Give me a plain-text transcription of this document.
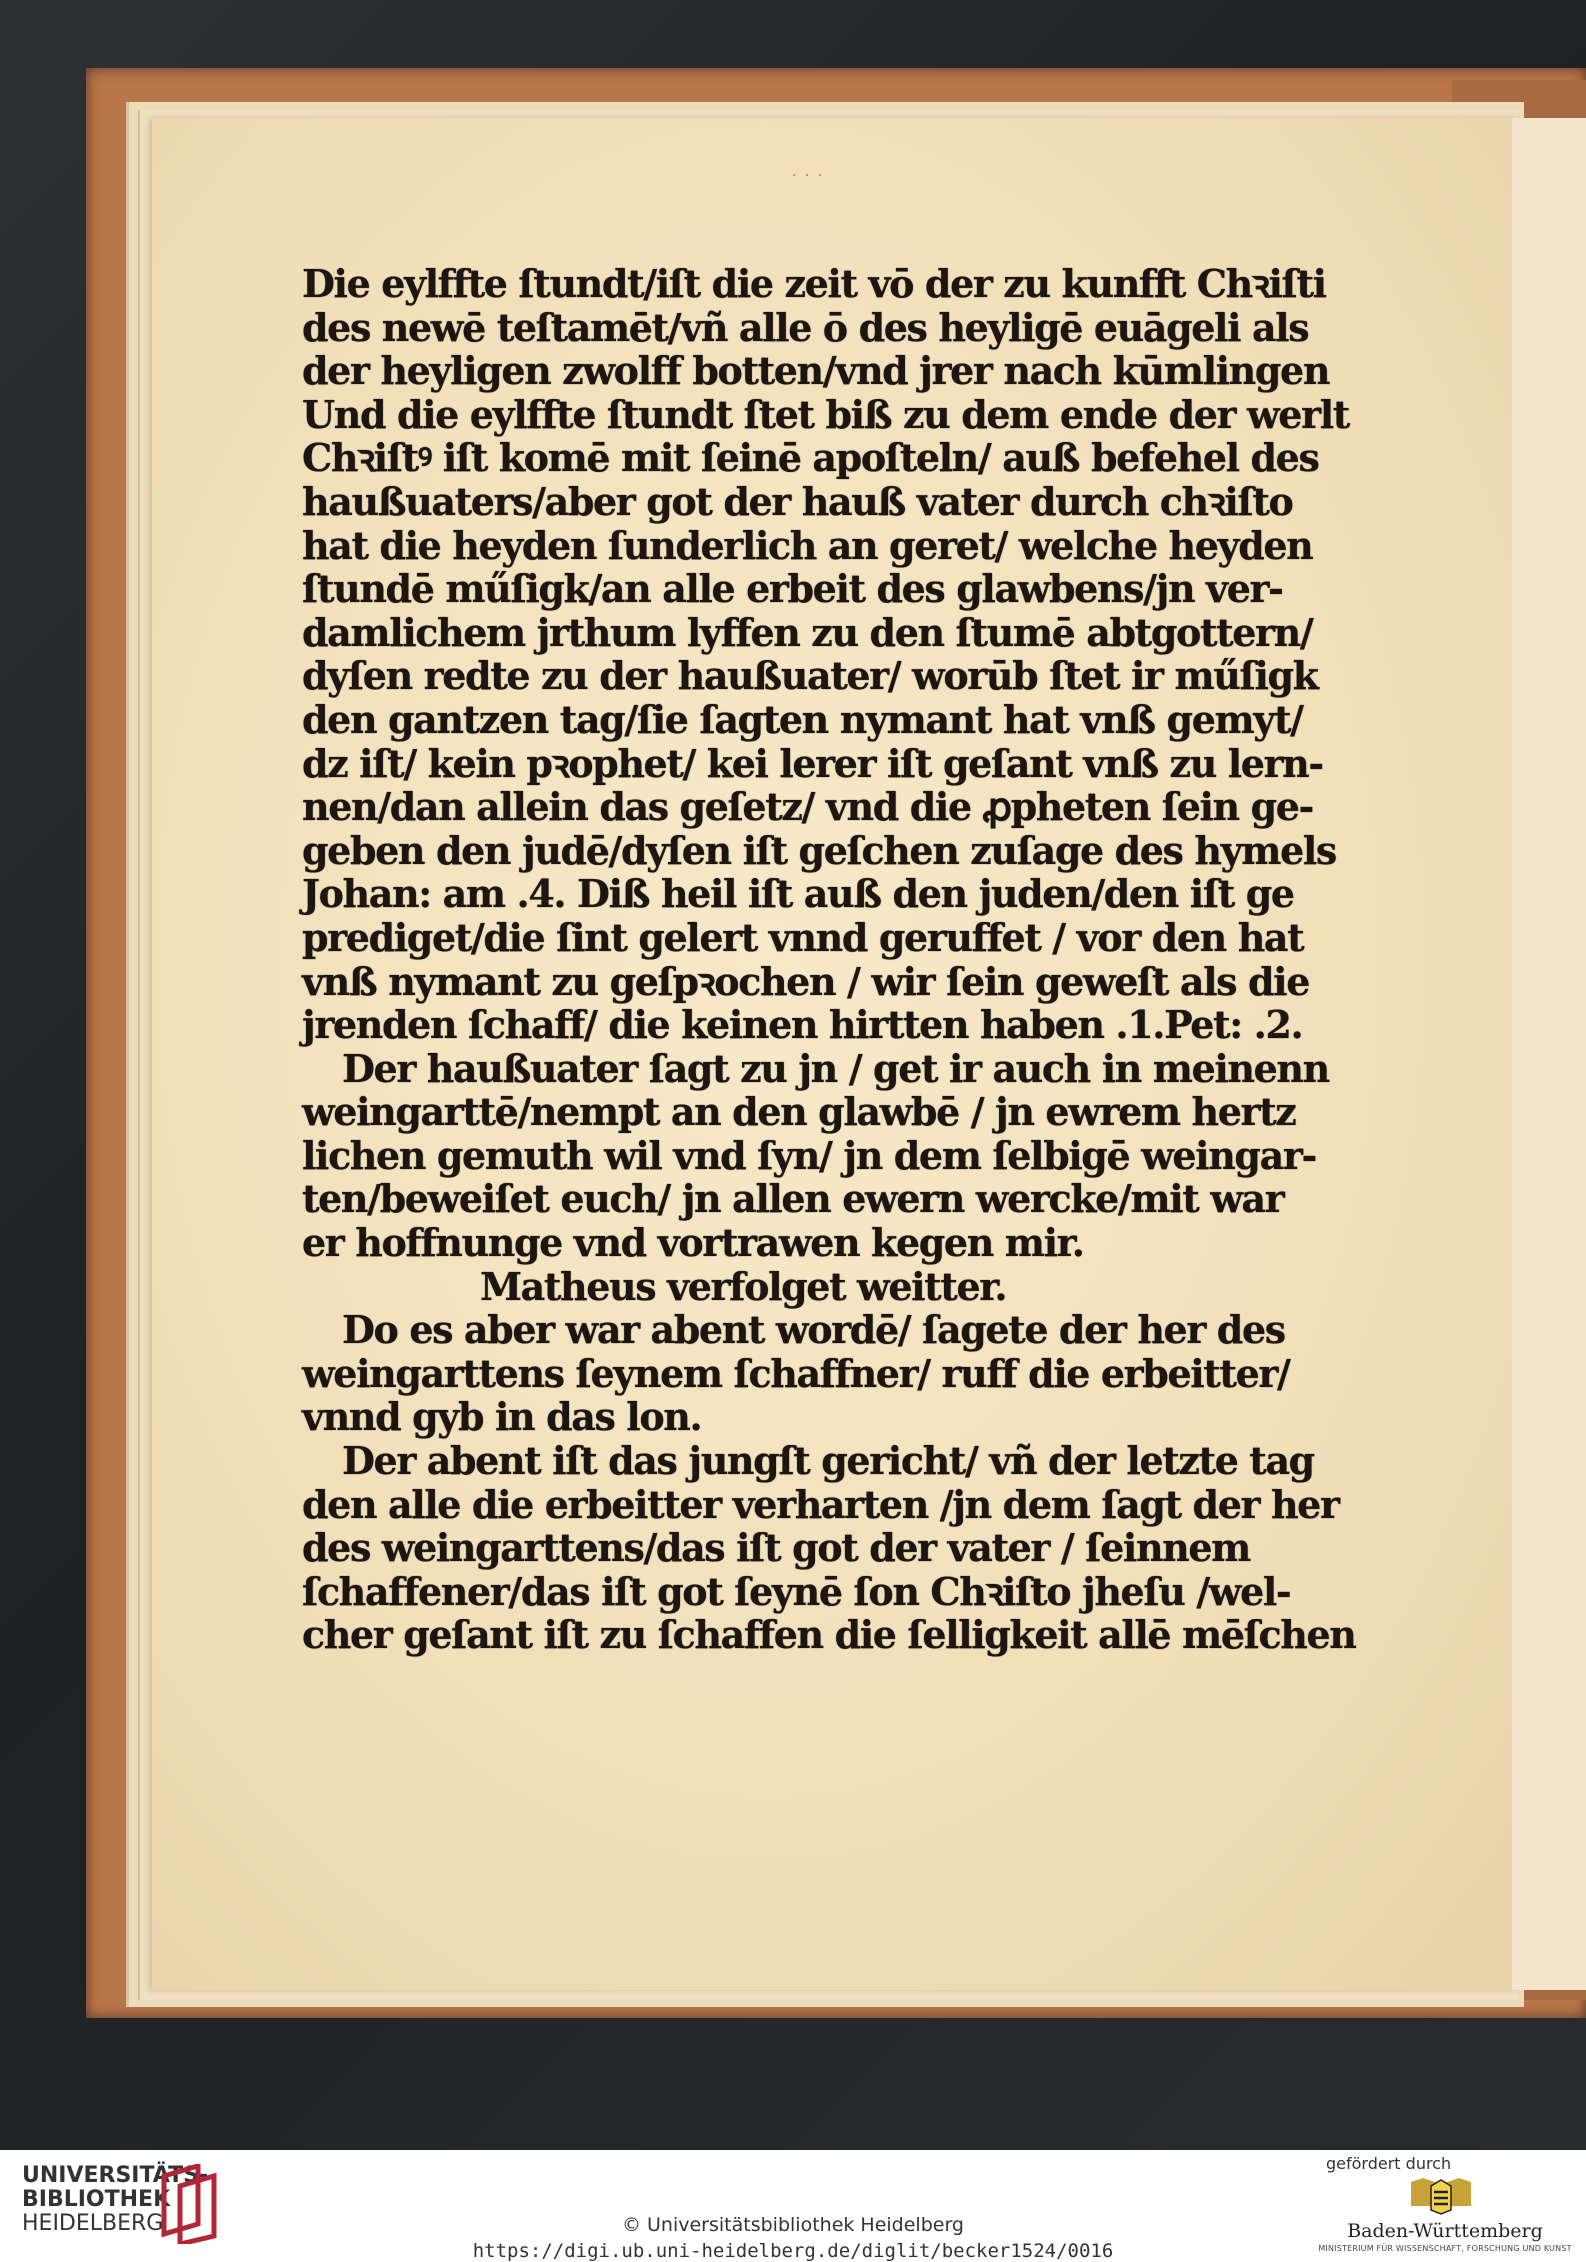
· · ·
Die eylffte ſtundt/iſt die zeit vō der zu kunfft Chꝛiſti
des newē teſtamēt/vñ alle ō des heyligē euāgeli als
der heyligen zwolff botten/vnd jrer nach kūmlingen
Und die eylffte ſtundt ſtet biß zu dem ende der werlt
Chꝛiſtꝰ iſt komē mit ſeinē apoſteln/ auß befehel des
haußuaters/aber got der hauß vater durch chꝛiſto
hat die heyden ſunderlich an geret/ welche heyden
ſtundē műſigk/an alle erbeit des glawbens/jn ver-
damlichem jrthum lyffen zu den ſtumē abtgottern/
dyſen redte zu der haußuater/ worūb ſtet ir műſigk
den gantzen tag/ſie ſagten nymant hat vnß gemyt/
dz iſt/ kein pꝛophet/ kei lerer iſt geſant vnß zu lern-
nen/dan allein das geſetz/ vnd die ꝓpheten ſein ge-
geben den judē/dyſen iſt geſchen zuſage des hymels
Johan: am .4. Diß heil iſt auß den juden/den iſt ge
prediget/die ſint gelert vnnd geruffet / vor den hat
vnß nymant zu geſpꝛochen / wir ſein geweſt als die
jrenden ſchaff/ die keinen hirtten haben .1.Pet: .2.
Der haußuater ſagt zu jn / get ir auch in meinenn
weingarttē/nempt an den glawbē / jn ewrem hertz
lichen gemuth wil vnd ſyn/ jn dem ſelbigē weingar-
ten/beweiſet euch/ jn allen ewern wercke/mit war
er hoffnunge vnd vortrawen kegen mir.
Matheus verfolget weitter.
Do es aber war abent wordē/ ſagete der her des
weingarttens ſeynem ſchaffner/ ruff die erbeitter/
vnnd gyb in das lon.
Der abent iſt das jungſt gericht/ vñ der letzte tag
den alle die erbeitter verharten /jn dem ſagt der her
des weingarttens/das iſt got der vater / ſeinnem
ſchaffener/das iſt got ſeynē ſon Chꝛiſto jheſu /wel-
cher geſant iſt zu ſchaffen die ſelligkeit allē mēſchen
UNIVERSITÄTS-
BIBLIOTHEK
HEIDELBERG	© Universitätsbibliothek Heidelberg
https://digi.ub.uni-heidelberg.de/diglit/becker1524/0016
gefördert durch
Baden-Württemberg
MINISTERIUM FÜR WISSENSCHAFT, FORSCHUNG UND KUNST
